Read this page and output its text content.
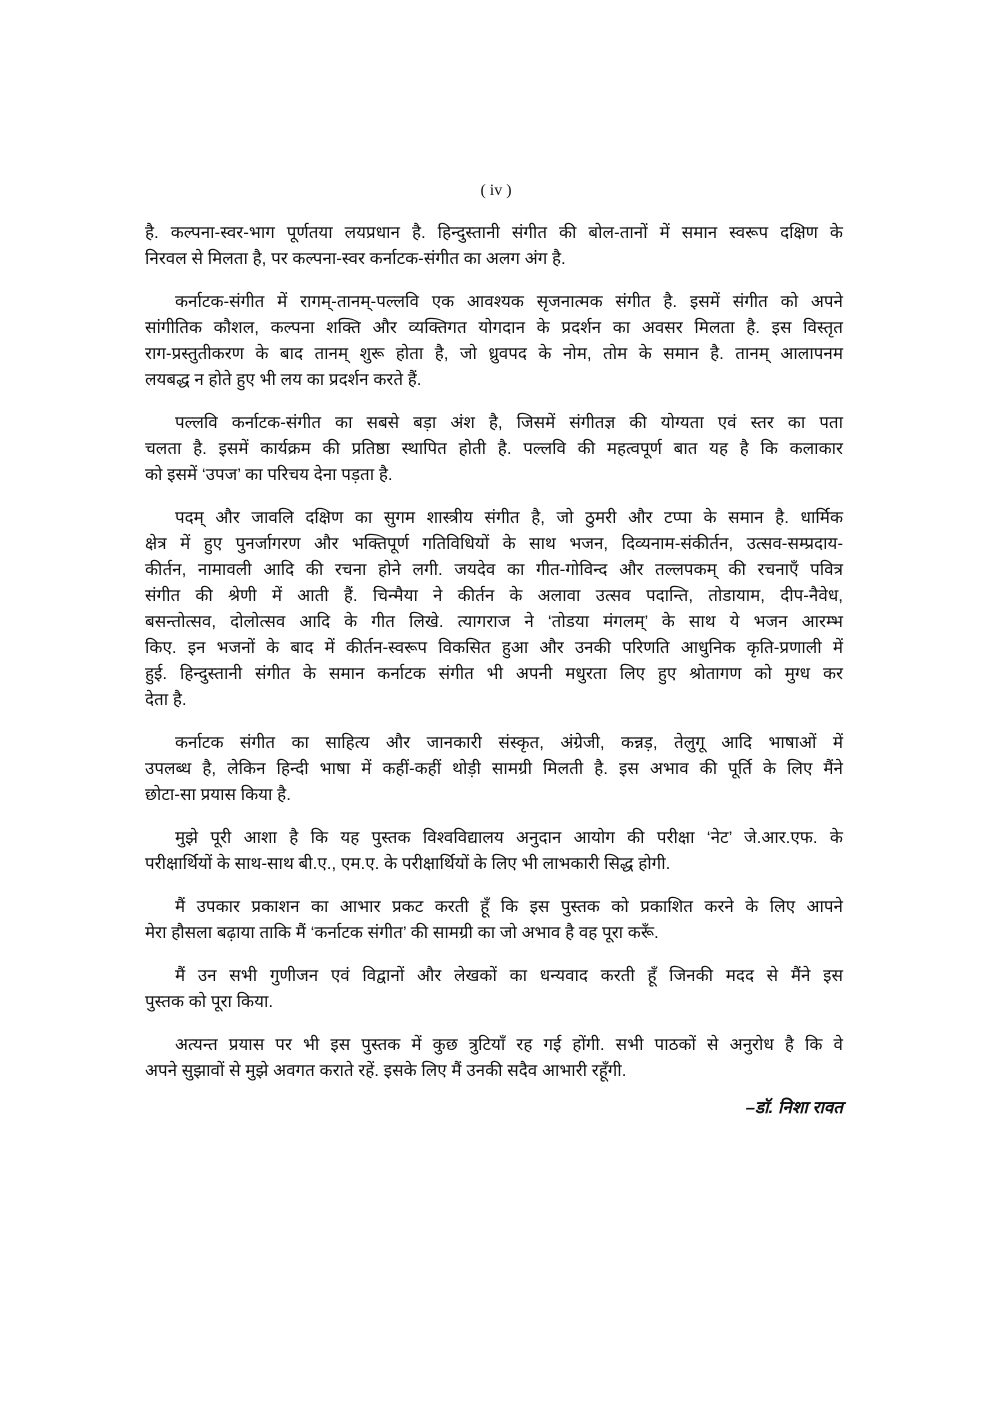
( iv )
है. कल्पना-स्वर-भाग पूर्णतया लयप्रधान है. हिन्दुस्तानी संगीत की बोल-तानों में समान स्वरूप दक्षिण के
निरवल से मिलता है, पर कल्पना-स्वर कर्नाटक-संगीत का अलग अंग है.
कर्नाटक-संगीत में रागम्-तानम्-पल्लवि एक आवश्यक सृजनात्मक संगीत है. इसमें संगीत को अपने
सांगीतिक कौशल, कल्पना शक्ति और व्यक्तिगत योगदान के प्रदर्शन का अवसर मिलता है. इस विस्तृत
राग-प्रस्तुतीकरण के बाद तानम् शुरू होता है, जो ध्रुवपद के नोम, तोम के समान है. तानम् आलापनम
लयबद्ध न होते हुए भी लय का प्रदर्शन करते हैं.
पल्लवि कर्नाटक-संगीत का सबसे बड़ा अंश है, जिसमें संगीतज्ञ की योग्यता एवं स्तर का पता
चलता है. इसमें कार्यक्रम की प्रतिष्ठा स्थापित होती है. पल्लवि की महत्वपूर्ण बात यह है कि कलाकार
को इसमें ‘उपज’ का परिचय देना पड़ता है.
पदम् और जावलि दक्षिण का सुगम शास्त्रीय संगीत है, जो ठुमरी और टप्पा के समान है. धार्मिक
क्षेत्र में हुए पुनर्जागरण और भक्तिपूर्ण गतिविधियों के साथ भजन, दिव्यनाम-संकीर्तन, उत्सव-सम्प्रदाय-
कीर्तन, नामावली आदि की रचना होने लगी. जयदेव का गीत-गोविन्द और तल्लपकम् की रचनाएँ पवित्र
संगीत की श्रेणी में आती हैं. चिन्मैया ने कीर्तन के अलावा उत्सव पदान्ति, तोडायाम, दीप-नैवेध,
बसन्तोत्सव, दोलोत्सव आदि के गीत लिखे. त्यागराज ने ‘तोडया मंगलम्’ के साथ ये भजन आरम्भ
किए. इन भजनों के बाद में कीर्तन-स्वरूप विकसित हुआ और उनकी परिणति आधुनिक कृति-प्रणाली में
हुई. हिन्दुस्तानी संगीत के समान कर्नाटक संगीत भी अपनी मधुरता लिए हुए श्रोतागण को मुग्ध कर
देता है.
कर्नाटक संगीत का साहित्य और जानकारी संस्कृत, अंग्रेजी, कन्नड़, तेलुगू आदि भाषाओं में
उपलब्ध है, लेकिन हिन्दी भाषा में कहीं-कहीं थोड़ी सामग्री मिलती है. इस अभाव की पूर्ति के लिए मैंने
छोटा-सा प्रयास किया है.
मुझे पूरी आशा है कि यह पुस्तक विश्वविद्यालय अनुदान आयोग की परीक्षा ‘नेट’ जे.आर.एफ. के
परीक्षार्थियों के साथ-साथ बी.ए., एम.ए. के परीक्षार्थियों के लिए भी लाभकारी सिद्ध होगी.
मैं उपकार प्रकाशन का आभार प्रकट करती हूँ कि इस पुस्तक को प्रकाशित करने के लिए आपने
मेरा हौसला बढ़ाया ताकि मैं ‘कर्नाटक संगीत’ की सामग्री का जो अभाव है वह पूरा करूँ.
मैं उन सभी गुणीजन एवं विद्वानों और लेखकों का धन्यवाद करती हूँ जिनकी मदद से मैंने इस
पुस्तक को पूरा किया.
अत्यन्त प्रयास पर भी इस पुस्तक में कुछ त्रुटियाँ रह गई होंगी. सभी पाठकों से अनुरोध है कि वे
अपने सुझावों से मुझे अवगत कराते रहें. इसके लिए मैं उनकी सदैव आभारी रहूँगी.
–डॉ. निशा रावत
